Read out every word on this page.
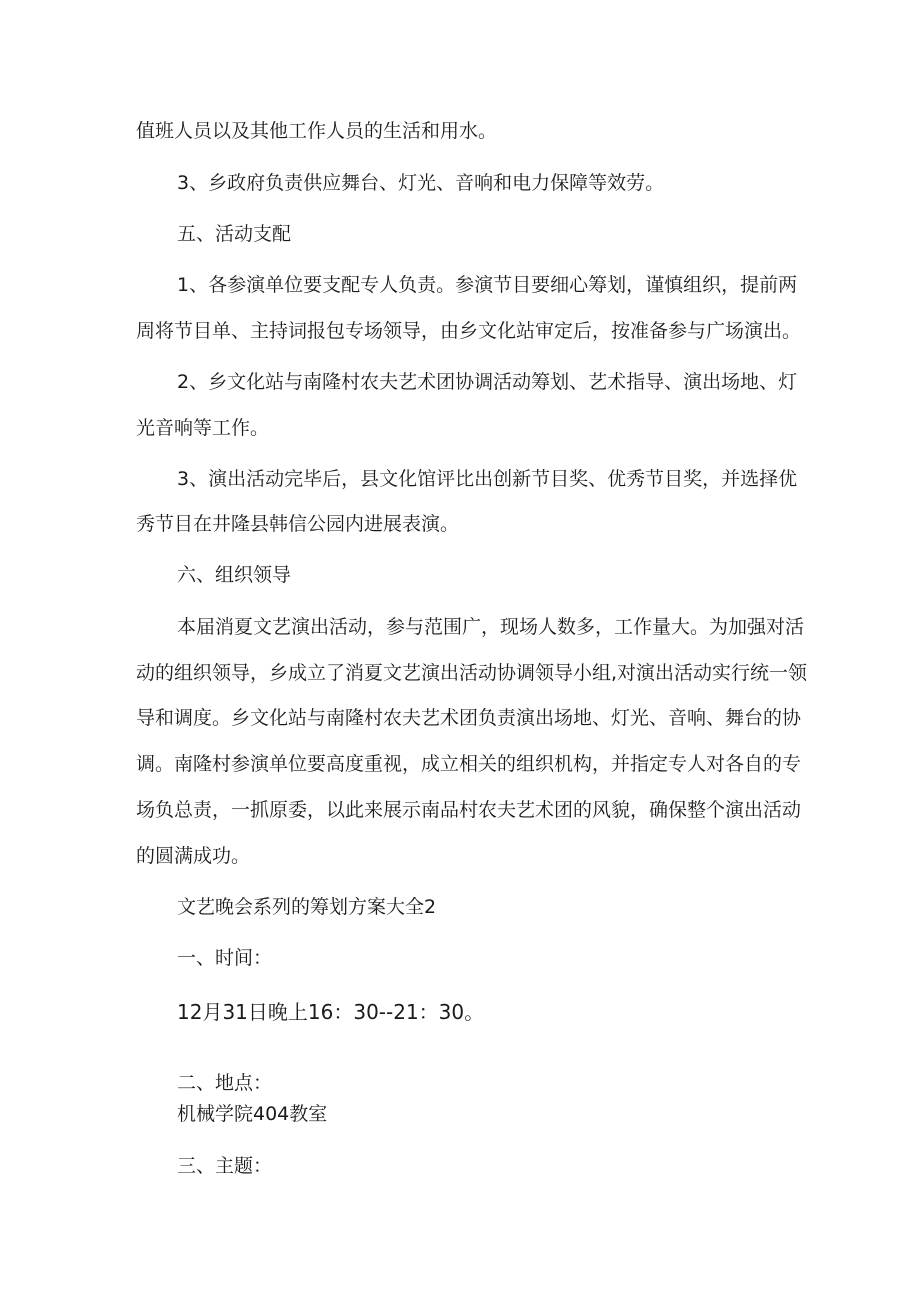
值班人员以及其他工作人员的生活和用水。
3、乡政府负责供应舞台、灯光、音响和电力保障等效劳。
五、活动支配
1、各参演单位要支配专人负责。参演节目要细心筹划，谨慎组织，提前两
周将节目单、主持词报包专场领导，由乡文化站审定后，按准备参与广场演出。
2、乡文化站与南隆村农夫艺术团协调活动筹划、艺术指导、演出场地、灯
光音响等工作。
3、演出活动完毕后，县文化馆评比出创新节目奖、优秀节目奖，并选择优
秀节目在井隆县韩信公园内进展表演。
六、组织领导
本届消夏文艺演出活动，参与范围广，现场人数多，工作量大。为加强对活
动的组织领导，乡成立了消夏文艺演出活动协调领导小组,对演出活动实行统一领
导和调度。乡文化站与南隆村农夫艺术团负责演出场地、灯光、音响、舞台的协
调。南隆村参演单位要高度重视，成立相关的组织机构，并指定专人对各自的专
场负总责，一抓原委，以此来展示南品村农夫艺术团的风貌，确保整个演出活动
的圆满成功。
文艺晚会系列的筹划方案大全2
一、时间：
12月31日晚上16：30--21：30。
二、地点：
机械学院404教室
三、主题：
